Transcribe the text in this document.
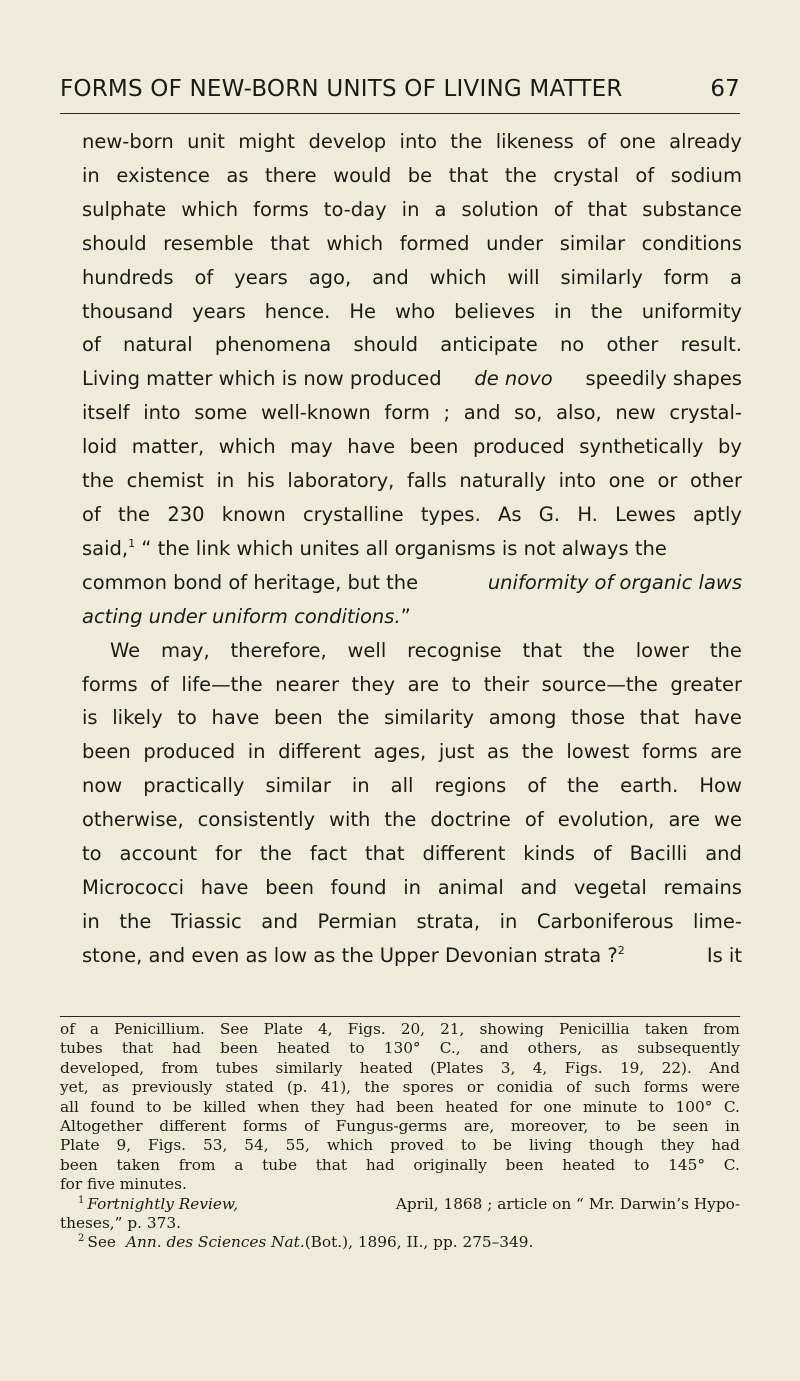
FORMS OF NEW-BORN UNITS OF LIVING MATTER	67
new-born unit might develop into the likeness of one already
in existence as there would be that the crystal of sodium
sulphate which forms to-day in a solution of that substance
should resemble that which formed under similar conditions
hundreds of years ago, and which will similarly form a
thousand years hence. He who believes in the uniformity
of natural phenomena should anticipate no other result.
Living matter which is now produced de novo speedily shapes
itself into some well-known form ; and so, also, new crystal-
loid matter, which may have been produced synthetically by
the chemist in his laboratory, falls naturally into one or other
of the 230 known crystalline types. As G. H. Lewes aptly
said,$^1$ “ the link which unites all organisms is not always the
common bond of heritage, but the	uniformity of organic laws
acting under uniform conditions.”
We may, therefore, well recognise that the lower the
forms of life—the nearer they are to their source—the greater
is likely to have been the similarity among those that have
been produced in different ages, just as the lowest forms are
now practically similar in all regions of the earth. How
otherwise, consistently with the doctrine of evolution, are we
to account for the fact that different kinds of Bacilli and
Micrococci have been found in animal and vegetal remains
in the Triassic and Permian strata, in Carboniferous lime-
stone, and even as low as the Upper Devonian strata ?$^2$	Is it
of a Penicillium. See Plate 4, Figs. 20, 21, showing Penicillia taken from
tubes that had been heated to 130° C., and others, as subsequently
developed, from tubes similarly heated (Plates 3, 4, Figs. 19, 22). And
yet, as previously stated (p. 41), the spores or conidia of such forms were
all found to be killed when they had been heated for one minute to 100° C.
Altogether different forms of Fungus-germs are, moreover, to be seen in
Plate 9, Figs. 53, 54, 55, which proved to be living though they had
been taken from a tube that had originally been heated to 145° C.
for five minutes.
$^1$ Fortnightly Review,	April, 1868 ; article on “ Mr. Darwin’s Hypo-
theses,” p. 373.
$^2$ See Ann. des Sciences Nat. (Bot.), 1896, II., pp. 275–349.
